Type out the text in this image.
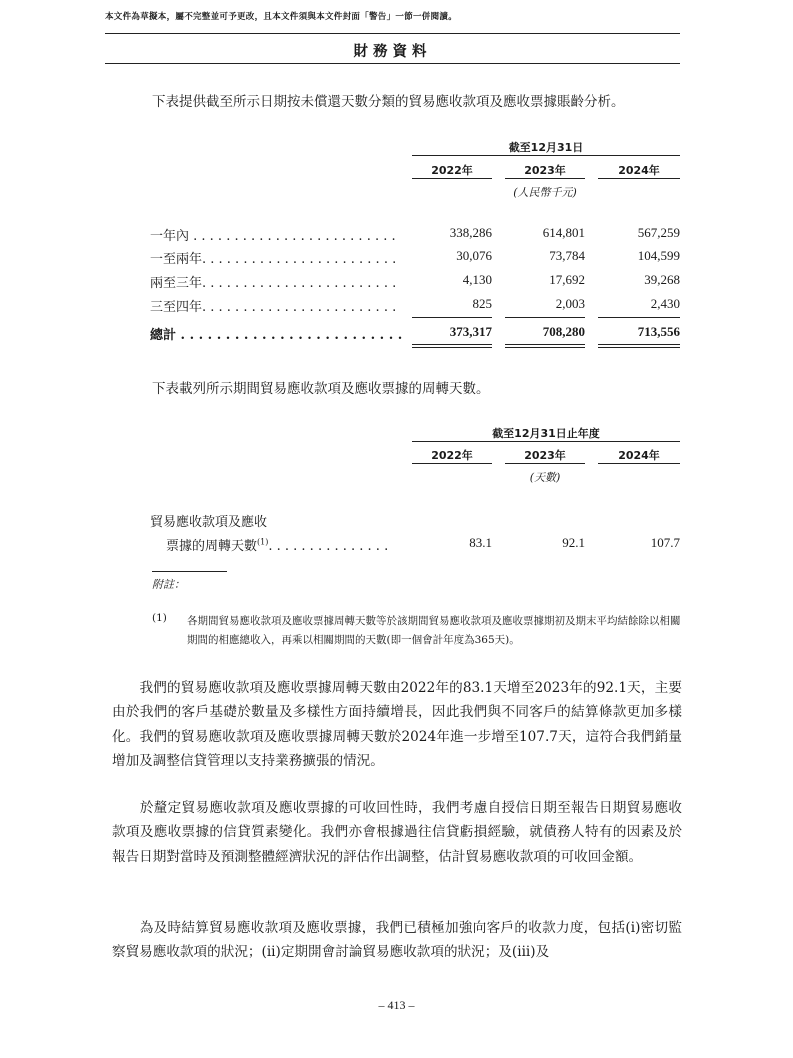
本文件為草擬本，屬不完整並可予更改，且本文件須與本文件封面「警告」一節一併閱讀。
財務資料
下表提供截至所示日期按未償還天數分類的貿易應收款項及應收票據賬齡分析。
截至12月31日
2022年	2023年	2024年
(人民幣千元)
一年內 . . . . . . . . . . . . . . . . . . . . . . . . .	338,286	614,801	567,259
一至兩年. . . . . . . . . . . . . . . . . . . . . . . .	30,076	73,784	104,599
兩至三年. . . . . . . . . . . . . . . . . . . . . . . .	4,130	17,692	39,268
三至四年. . . . . . . . . . . . . . . . . . . . . . . .	825	2,003	2,430
總計 . . . . . . . . . . . . . . . . . . . . . . . . .	373,317	708,280	713,556
下表載列所示期間貿易應收款項及應收票據的周轉天數。
截至12月31日止年度
2022年	2023年	2024年
(天數)
貿易應收款項及應收
票據的周轉天數$^{(1)}$. . . . . . . . . . . . . . .	83.1	92.1	107.7
附註：
(1) 各期間貿易應收款項及應收票據周轉天數等於該期間貿易應收款項及應收票據期初及期末平均結餘除以相關期間的相應總收入，再乘以相關期間的天數(即一個會計年度為365天)。
　　我們的貿易應收款項及應收票據周轉天數由2022年的83.1天增至2023年的92.1天，主要由於我們的客戶基礎於數量及多樣性方面持續增長，因此我們與不同客戶的結算條款更加多樣化。我們的貿易應收款項及應收票據周轉天數於2024年進一步增至107.7天，這符合我們銷量增加及調整信貸管理以支持業務擴張的情況。
　　於釐定貿易應收款項及應收票據的可收回性時，我們考慮自授信日期至報告日期貿易應收款項及應收票據的信貸質素變化。我們亦會根據過往信貸虧損經驗，就債務人特有的因素及於報告日期對當時及預測整體經濟狀況的評估作出調整，估計貿易應收款項的可收回金額。
　　為及時結算貿易應收款項及應收票據，我們已積極加強向客戶的收款力度，包括(i)密切監察貿易應收款項的狀況；(ii)定期開會討論貿易應收款項的狀況；及(iii)及
– 413 –
